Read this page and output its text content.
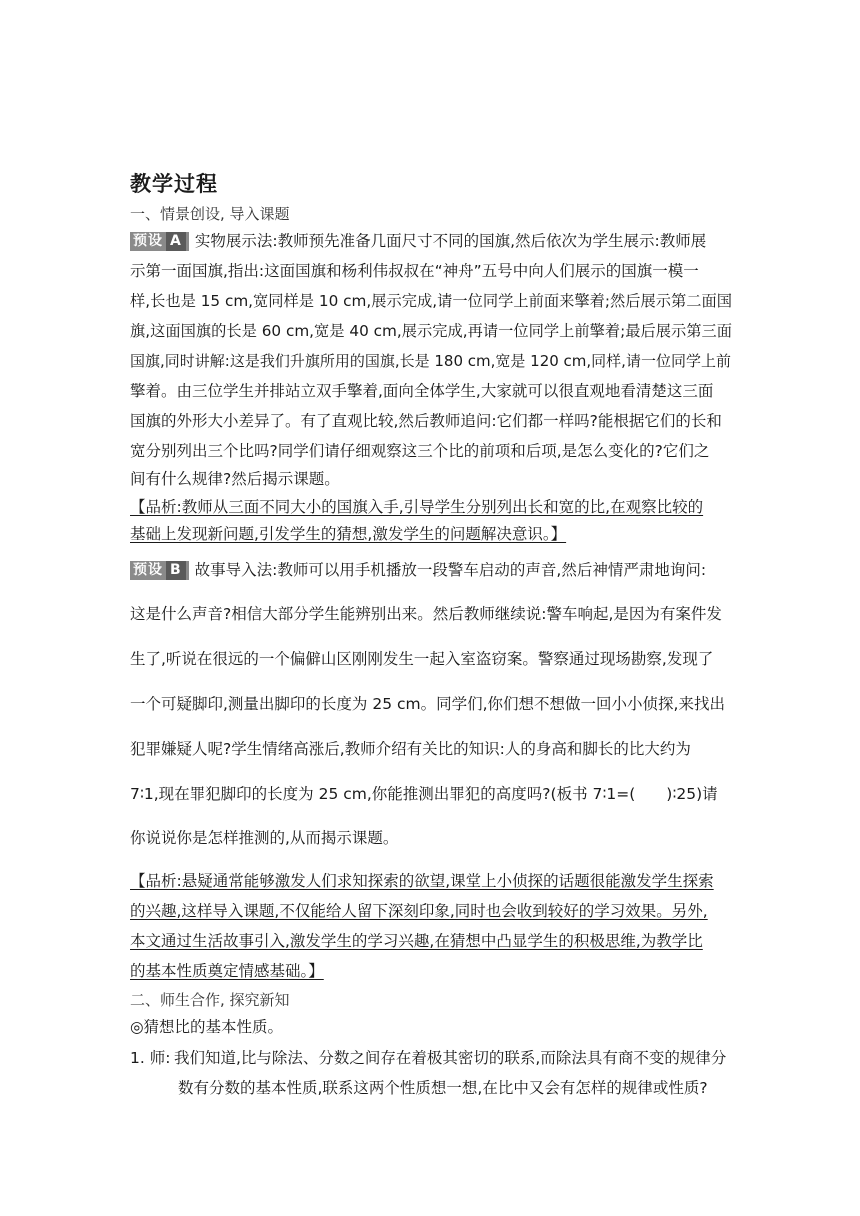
教学过程
一、情景创设, 导入课题
预设 A 实物展示法:教师预先准备几面尺寸不同的国旗,然后依次为学生展示:教师展
示第一面国旗,指出:这面国旗和杨利伟叔叔在“神舟”五号中向人们展示的国旗一模一
样,长也是 15 cm,宽同样是 10 cm,展示完成,请一位同学上前面来擎着;然后展示第二面国
旗,这面国旗的长是 60 cm,宽是 40 cm,展示完成,再请一位同学上前擎着;最后展示第三面
国旗,同时讲解:这是我们升旗所用的国旗,长是 180 cm,宽是 120 cm,同样,请一位同学上前
擎着。由三位学生并排站立双手擎着,面向全体学生,大家就可以很直观地看清楚这三面
国旗的外形大小差异了。有了直观比较,然后教师追问:它们都一样吗?能根据它们的长和
宽分别列出三个比吗?同学们请仔细观察这三个比的前项和后项,是怎么变化的?它们之
间有什么规律?然后揭示课题。
【品析:教师从三面不同大小的国旗入手,引导学生分别列出长和宽的比,在观察比较的
基础上发现新问题,引发学生的猜想,激发学生的问题解决意识。】
预设 B 故事导入法:教师可以用手机播放一段警车启动的声音,然后神情严肃地询问:
这是什么声音?相信大部分学生能辨别出来。然后教师继续说:警车响起,是因为有案件发
生了,听说在很远的一个偏僻山区刚刚发生一起入室盗窃案。警察通过现场勘察,发现了
一个可疑脚印,测量出脚印的长度为 25 cm。同学们,你们想不想做一回小小侦探,来找出
犯罪嫌疑人呢?学生情绪高涨后,教师介绍有关比的知识:人的身高和脚长的比大约为
7∶1,现在罪犯脚印的长度为 25 cm,你能推测出罪犯的高度吗?(板书 7∶1=(　　)∶25)请
你说说你是怎样推测的,从而揭示课题。
【品析:悬疑通常能够激发人们求知探索的欲望,课堂上小侦探的话题很能激发学生探索
的兴趣,这样导入课题,不仅能给人留下深刻印象,同时也会收到较好的学习效果。另外,
本文通过生活故事引入,激发学生的学习兴趣,在猜想中凸显学生的积极思维,为教学比
的基本性质奠定情感基础。】
二、师生合作, 探究新知
◎猜想比的基本性质。
1. 师: 我们知道,比与除法、分数之间存在着极其密切的联系,而除法具有商不变的规律分
数有分数的基本性质,联系这两个性质想一想,在比中又会有怎样的规律或性质?
